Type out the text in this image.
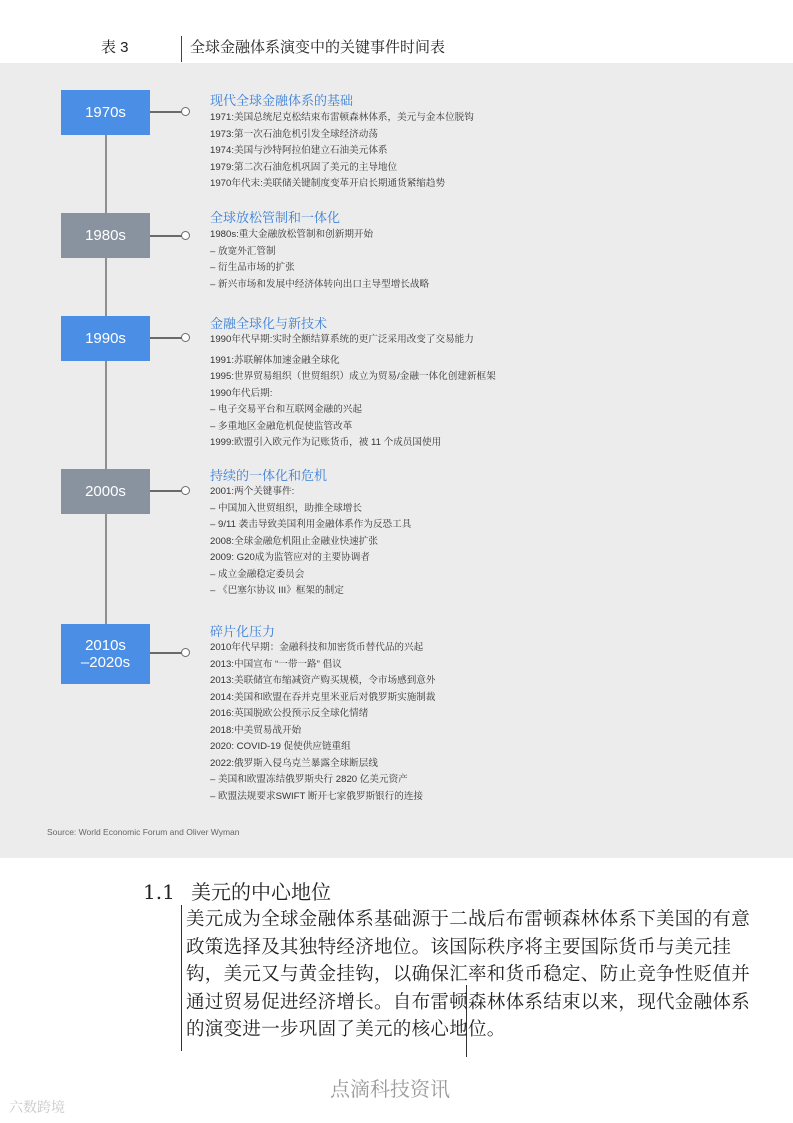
表 3	全球金融体系演变中的关键事件时间表
1970s
现代全球金融体系的基础
1971:美国总统尼克松结束布雷顿森林体系，美元与金本位脱钩
1973:第一次石油危机引发全球经济动荡
1974:美国与沙特阿拉伯建立石油美元体系
1979:第二次石油危机巩固了美元的主导地位
1970年代末:美联储关键制度变革开启长期通货紧缩趋势
1980s
全球放松管制和一体化
1980s:重大金融放松管制和创新期开始
– 放宽外汇管制
– 衍生品市场的扩张
– 新兴市场和发展中经济体转向出口主导型增长战略
1990s
金融全球化与新技术
1990年代早期:实时全额结算系统的更广泛采用改变了交易能力
1991:苏联解体加速金融全球化
1995:世界贸易组织（世贸组织）成立为贸易/金融一体化创建新框架
1990年代后期:
– 电子交易平台和互联网金融的兴起
– 多重地区金融危机促使监管改革
1999:欧盟引入欧元作为记账货币，被 11 个成员国使用
2000s
持续的一体化和危机
2001:两个关键事件:
– 中国加入世贸组织，助推全球增长
– 9/11 袭击导致美国利用金融体系作为反恐工具
2008:全球金融危机阻止金融业快速扩张
2009: G20成为监管应对的主要协调者
– 成立金融稳定委员会
– 《巴塞尔协议 III》框架的制定
2010s
–2020s
碎片化压力
2010年代早期：金融科技和加密货币替代品的兴起
2013:中国宣布 “一带一路” 倡议
2013:美联储宣布缩减资产购买规模，令市场感到意外
2014:美国和欧盟在吞并克里米亚后对俄罗斯实施制裁
2016:英国脱欧公投预示反全球化情绪
2018:中美贸易战开始
2020: COVID-19 促使供应链重组
2022:俄罗斯入侵乌克兰暴露全球断层线
– 美国和欧盟冻结俄罗斯央行 2820 亿美元资产
– 欧盟法规要求SWIFT 断开七家俄罗斯银行的连接
Source: World Economic Forum and Oliver Wyman
1.1 美元的中心地位
美元成为全球金融体系基础源于二战后布雷顿森林体系下美国的有意政策选择及其独特经济地位。该国际秩序将主要国际货币与美元挂钩，美元又与黄金挂钩，以确保汇率和货币稳定、防止竞争性贬值并通过贸易促进经济增长。自布雷顿森林体系结束以来，现代金融体系的演变进一步巩固了美元的核心地位。
点滴科技资讯
六数跨境
